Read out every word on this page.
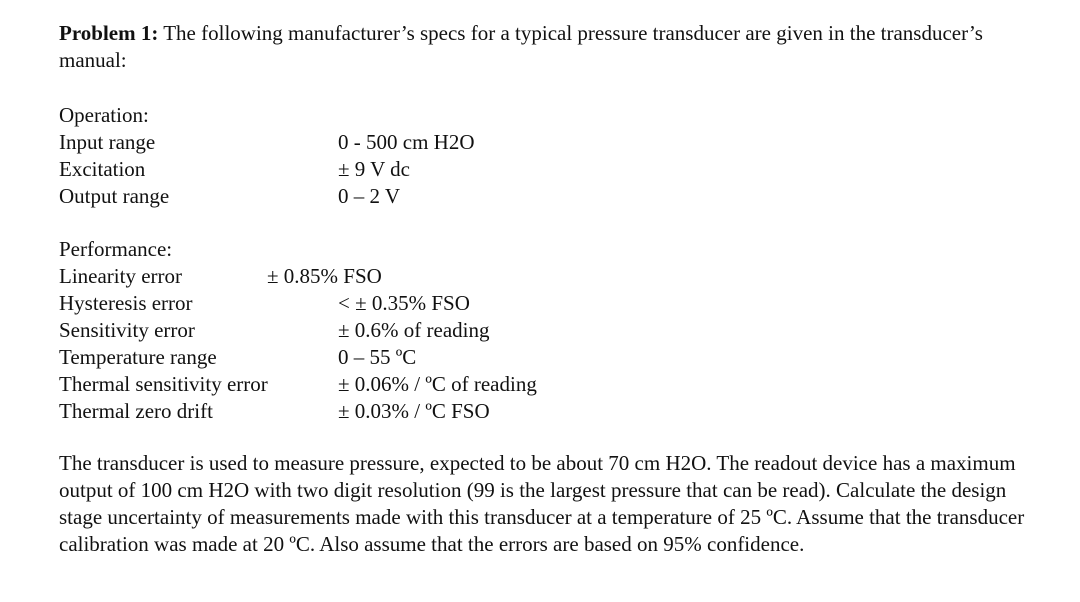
Problem 1: The following manufacturer’s specs for a typical pressure transducer are given in the transducer’s manual:
Operation:
Input range	0 - 500 cm H2O
Excitation	± 9 V dc
Output range	0 – 2 V
Performance:
Linearity error	± 0.85% FSO
Hysteresis error	< ± 0.35% FSO
Sensitivity error	± 0.6% of reading
Temperature range	0 – 55 ºC
Thermal sensitivity error	± 0.06% / ºC of reading
Thermal zero drift	± 0.03% / ºC FSO
The transducer is used to measure pressure, expected to be about 70 cm H2O. The readout device has a maximum output of 100 cm H2O with two digit resolution (99 is the largest pressure that can be read). Calculate the design stage uncertainty of measurements made with this transducer at a temperature of 25 ºC. Assume that the transducer calibration was made at 20 ºC. Also assume that the errors are based on 95% confidence.
